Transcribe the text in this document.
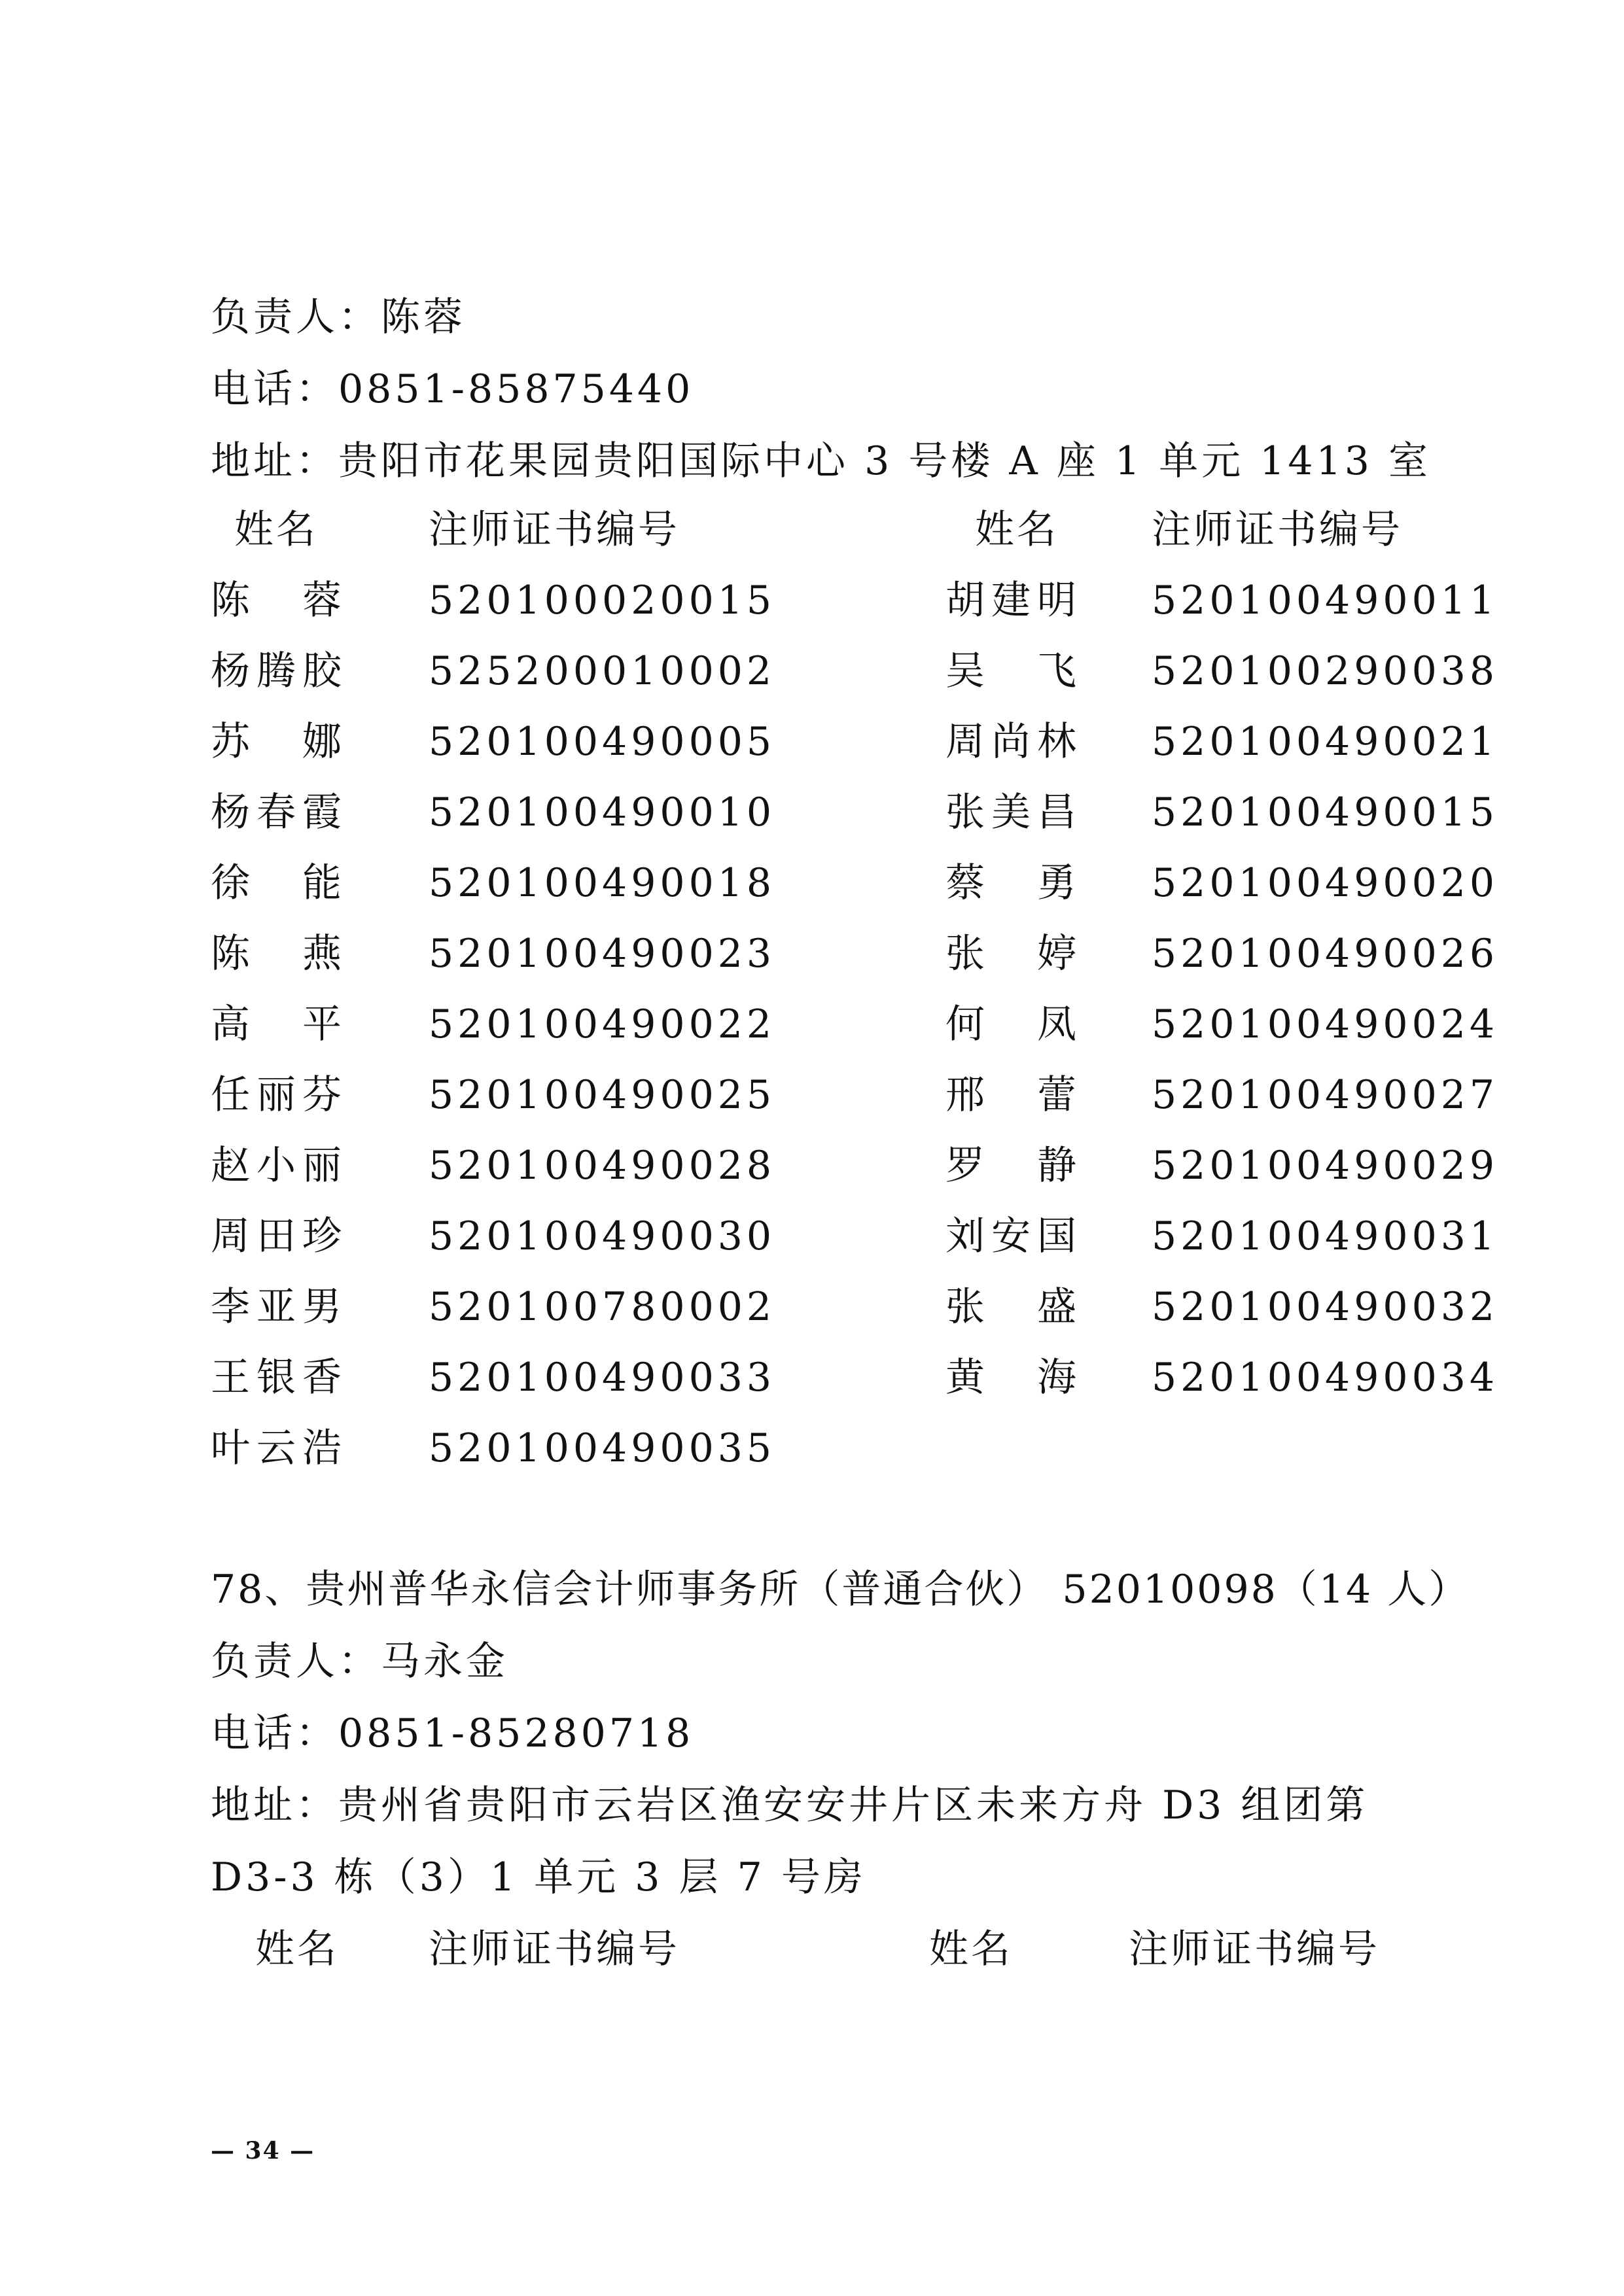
负责人：陈蓉
电话：0851-85875440
地址：贵阳市花果园贵阳国际中心 3 号楼 A 座 1 单元 1413 室
姓名	注师证书编号	姓名 注师证书编号
陈 蓉 520100020015	胡 建 明 520100490011
杨 腾 胶 525200010002	吴 飞 520100290038
苏 娜 520100490005	周 尚 林 520100490021
杨 春 霞 520100490010	张 美 昌 520100490015
徐 能 520100490018	蔡 勇 520100490020
陈 燕 520100490023	张 婷 520100490026
高 平 520100490022	何 凤 520100490024
任 丽 芬 520100490025	邢 蕾 520100490027
赵 小 丽 520100490028	罗 静 520100490029
周 田 珍 520100490030	刘 安 国 520100490031
李 亚 男 520100780002	张 盛 520100490032
王 银 香 520100490033	黄 海 520100490034
叶 云 浩 520100490035
78、贵州普华永信会计师事务所（普通合伙） 52010098（14 人）
负责人：马永金
电话：0851-85280718
地址：贵州省贵阳市云岩区渔安安井片区未来方舟 D3 组团第
D3-3 栋（3）1 单元 3 层 7 号房
姓名 注师证书编号	姓名	注师证书编号
— 34 —
